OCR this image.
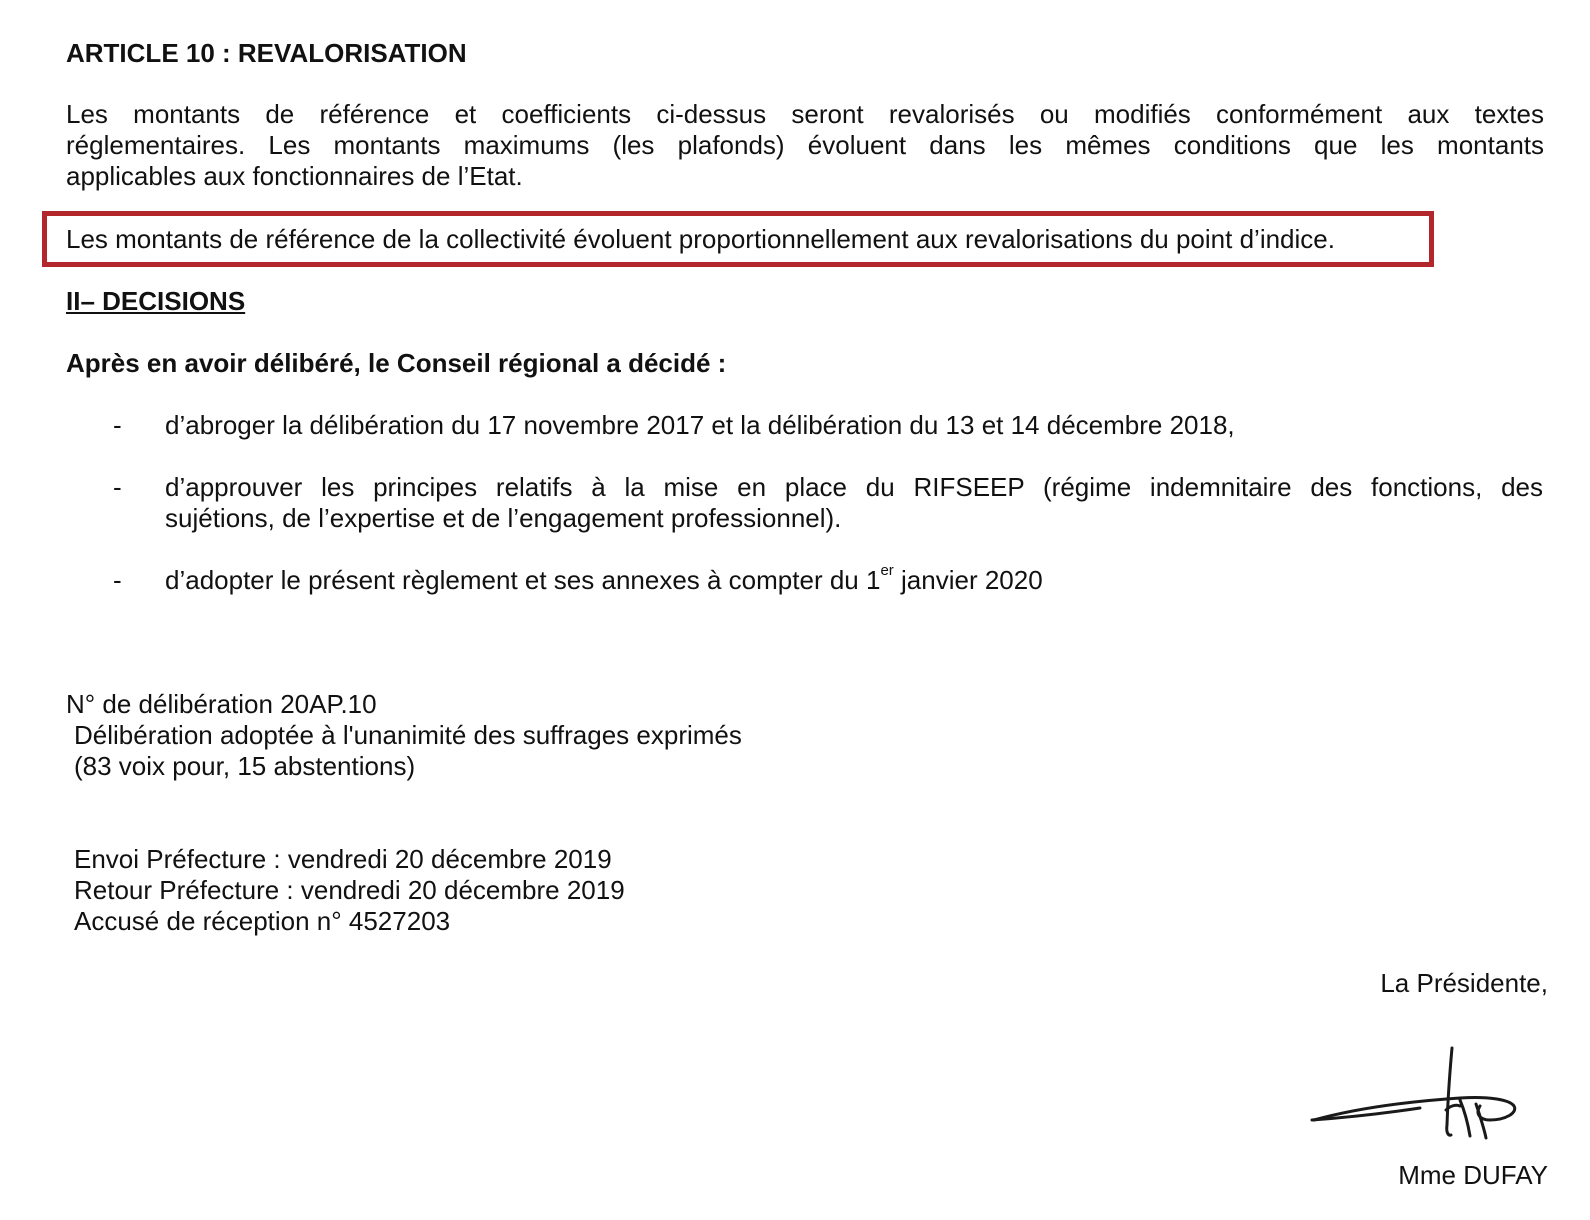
ARTICLE 10 : REVALORISATION
Les montants de référence et coefficients ci-dessus seront revalorisés ou modifiés conformément aux textes
réglementaires. Les montants maximums (les plafonds) évoluent dans les mêmes conditions que les montants
applicables aux fonctionnaires de l’Etat.
Les montants de référence de la collectivité évoluent proportionnellement aux revalorisations du point d’indice.
II– DECISIONS
Après en avoir délibéré, le Conseil régional a décidé :
- d’abroger la délibération du 17 novembre 2017 et la délibération du 13 et 14 décembre 2018,
- d’approuver les principes relatifs à la mise en place du RIFSEEP (régime indemnitaire des fonctions, des
sujétions, de l’expertise et de l’engagement professionnel).
- d’adopter le présent règlement et ses annexes à compter du 1er janvier 2020
N° de délibération 20AP.10
Délibération adoptée à l'unanimité des suffrages exprimés
(83 voix pour, 15 abstentions)
Envoi Préfecture : vendredi 20 décembre 2019
Retour Préfecture : vendredi 20 décembre 2019
Accusé de réception n° 4527203
La Présidente,
Mme DUFAY
